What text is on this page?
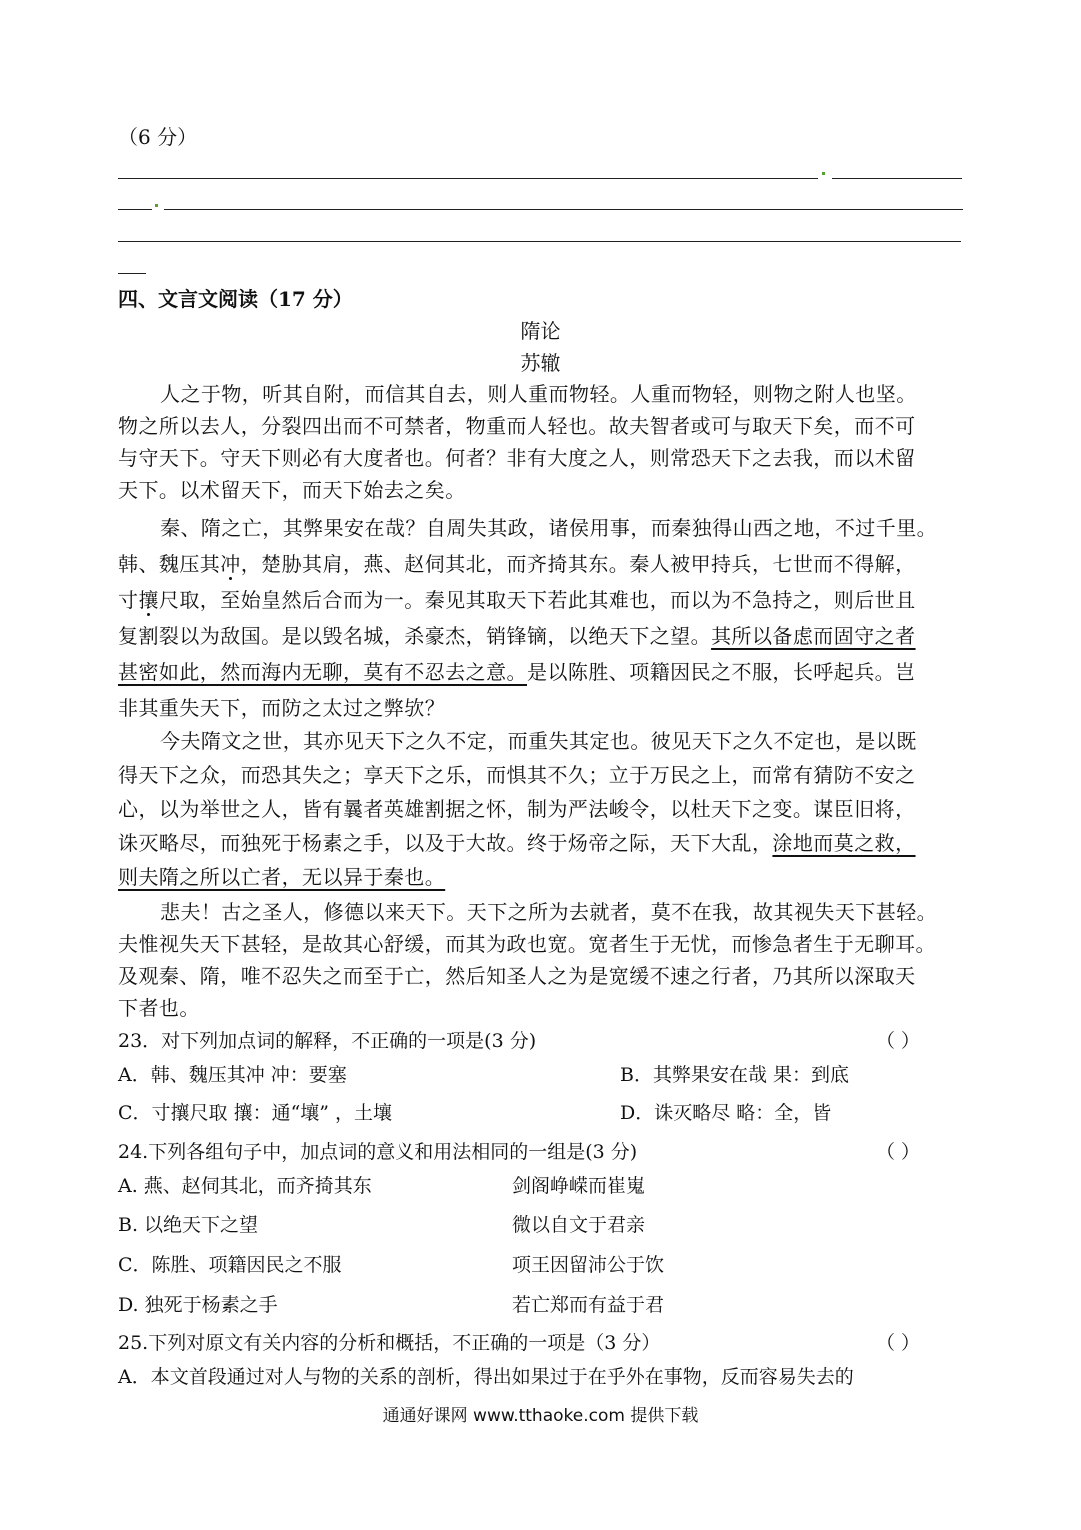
（6 分）
四、文言文阅读（17 分）
隋论
苏辙
人之于物，听其自附，而信其自去，则人重而物轻。人重而物轻，则物之附人也坚。
物之所以去人，分裂四出而不可禁者，物重而人轻也。故夫智者或可与取天下矣，而不可
与守天下。守天下则必有大度者也。何者？非有大度之人，则常恐天下之去我，而以术留
天下。以术留天下，而天下始去之矣。
秦、隋之亡，其弊果安在哉？自周失其政，诸侯用事，而秦独得山西之地，不过千里。
韩、魏压其冲，楚胁其肩，燕、赵伺其北，而齐掎其东。秦人被甲持兵，七世而不得解，
寸攘尺取，至始皇然后合而为一。秦见其取天下若此其难也，而以为不急持之，则后世且
复割裂以为敌国。是以毁名城，杀豪杰，销锋镝，以绝天下之望。其所以备虑而固守之者
甚密如此，然而海内无聊，莫有不忍去之意。是以陈胜、项籍因民之不服，长呼起兵。岂
非其重失天下，而防之太过之弊欤？
今夫隋文之世，其亦见天下之久不定，而重失其定也。彼见天下之久不定也，是以既
得天下之众，而恐其失之；享天下之乐，而惧其不久；立于万民之上，而常有猜防不安之
心，以为举世之人，皆有曩者英雄割据之怀，制为严法峻令，以杜天下之变。谋臣旧将，
诛灭略尽，而独死于杨素之手，以及于大故。终于炀帝之际，天下大乱，涂地而莫之救，
则夫隋之所以亡者，无以异于秦也。
悲夫！古之圣人，修德以来天下。天下之所为去就者，莫不在我，故其视失天下甚轻。
夫惟视失天下甚轻，是故其心舒缓，而其为政也宽。宽者生于无忧，而惨急者生于无聊耳。
及观秦、隋，唯不忍失之而至于亡，然后知圣人之为是宽缓不速之行者，乃其所以深取天
下者也。
23．对下列加点词的解释，不正确的一项是(3 分)	（ ）
A．韩、魏压其冲 冲：要塞	B．其弊果安在哉 果：到底
C．寸攘尺取 攘：通“壤” ，土壤	D．诛灭略尽 略：全，皆
24.下列各组句子中，加点词的意义和用法相同的一组是(3 分)	（ ）
A. 燕、赵伺其北，而齐掎其东	剑阁峥嵘而崔嵬
B. 以绝天下之望	微以自文于君亲
C．陈胜、项籍因民之不服	项王因留沛公于饮
D. 独死于杨素之手	若亡郑而有益于君
25.下列对原文有关内容的分析和概括，不正确的一项是（3 分）	（ ）
A．本文首段通过对人与物的关系的剖析，得出如果过于在乎外在事物，反而容易失去的
通通好课网 www.tthaoke.com 提供下载
